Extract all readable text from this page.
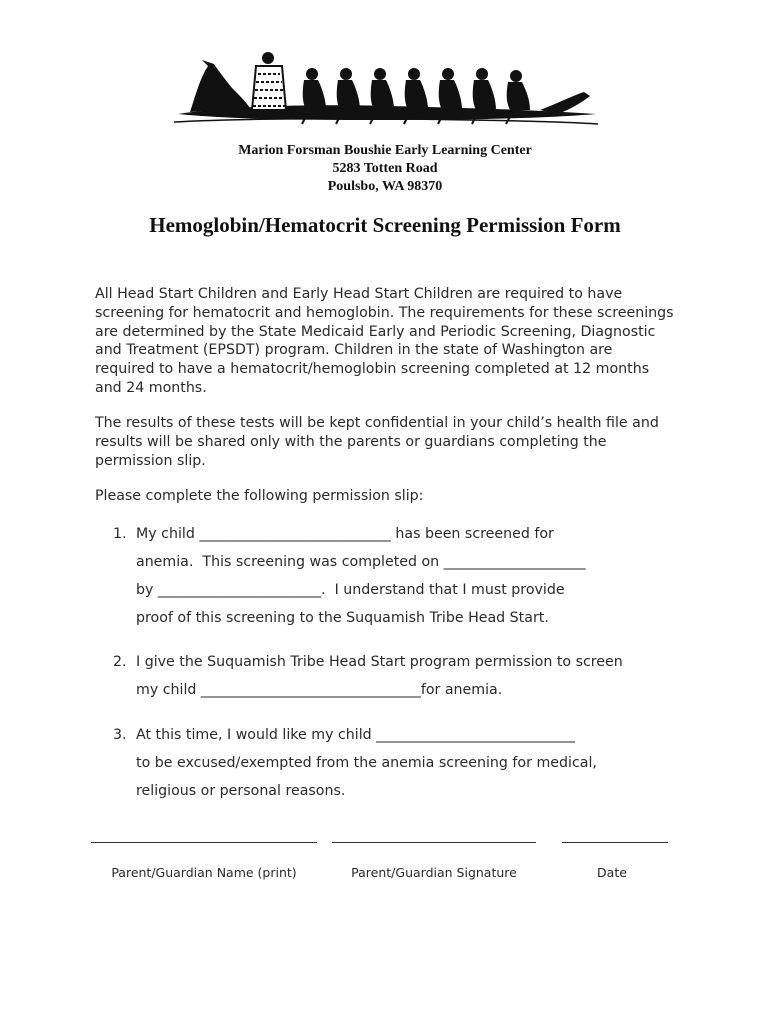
Marion Forsman Boushie Early Learning Center
5283 Totten Road
Poulsbo, WA 98370
Hemoglobin/Hematocrit Screening Permission Form

All Head Start Children and Early Head Start Children are required to have screening for hematocrit and hemoglobin. The requirements for these screenings are determined by the State Medicaid Early and Periodic Screening, Diagnostic and Treatment (EPSDT) program. Children in the state of Washington are required to have a hematocrit/hemoglobin screening completed at 12 months and 24 months.

The results of these tests will be kept confidential in your child’s health file and results will be shared only with the parents or guardians completing the permission slip.

Please complete the following permission slip:

1. My child ___________________________ has been screened for
anemia.  This screening was completed on ____________________
by _______________________.  I understand that I must provide
proof of this screening to the Suquamish Tribe Head Start.
2. I give the Suquamish Tribe Head Start program permission to screen
my child _______________________________for anemia.
3. At this time, I would like my child ____________________________
to be excused/exempted from the anemia screening for medical,
religious or personal reasons.
Parent/Guardian Name (print)	Parent/Guardian Signature	Date
